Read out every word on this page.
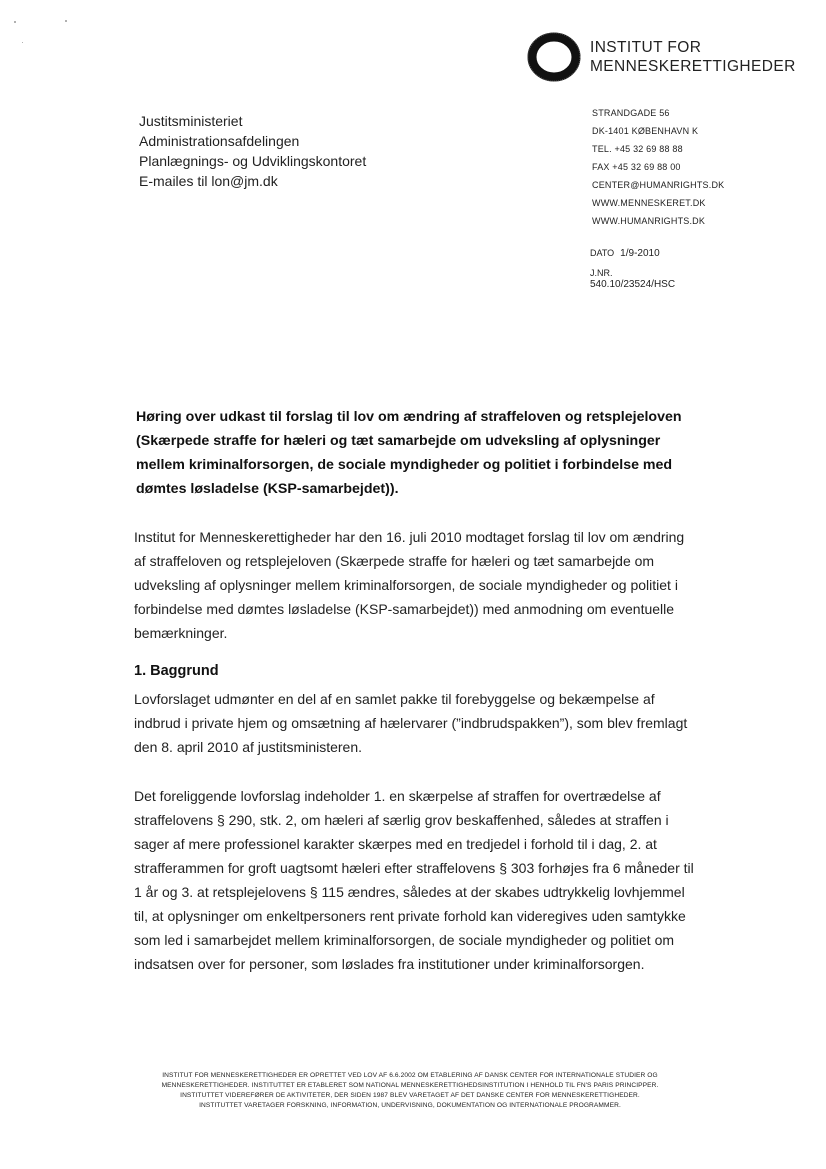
INSTITUT FOR
MENNESKERETTIGHEDER
Justitsministeriet
Administrationsafdelingen
Planlægnings- og Udviklingskontoret
E-mailes til lon@jm.dk
STRANDGADE 56
DK-1401 KØBENHAVN K
TEL. +45 32 69 88 88
FAX +45 32 69 88 00
CENTER@HUMANRIGHTS.DK
WWW.MENNESKERET.DK
WWW.HUMANRIGHTS.DK
DATO 1/9-2010
J.NR.
540.10/23524/HSC
Høring over udkast til forslag til lov om ændring af straffeloven og retsplejeloven (Skærpede straffe for hæleri og tæt samarbejde om udveksling af oplysninger mellem kriminalforsorgen, de sociale myndigheder og politiet i forbindelse med dømtes løsladelse (KSP-samarbejdet)).
Institut for Menneskerettigheder har den 16. juli 2010 modtaget forslag til lov om ændring af straffeloven og retsplejeloven (Skærpede straffe for hæleri og tæt samarbejde om udveksling af oplysninger mellem kriminalforsorgen, de sociale myndigheder og politiet i forbindelse med dømtes løsladelse (KSP-samarbejdet)) med anmodning om eventuelle bemærkninger.
1. Baggrund
Lovforslaget udmønter en del af en samlet pakke til forebyggelse og bekæmpelse af indbrud i private hjem og omsætning af hælervarer (”indbrudspakken”), som blev fremlagt den 8. april 2010 af justitsministeren.
Det foreliggende lovforslag indeholder 1. en skærpelse af straffen for overtrædelse af straffelovens § 290, stk. 2, om hæleri af særlig grov beskaffenhed, således at straffen i sager af mere professionel karakter skærpes med en tredjedel i forhold til i dag, 2. at strafferammen for groft uagtsomt hæleri efter straffelovens § 303 forhøjes fra 6 måneder til 1 år og 3. at retsplejelovens § 115 ændres, således at der skabes udtrykkelig lovhjemmel til, at oplysninger om enkeltpersoners rent private forhold kan videregives uden samtykke som led i samarbejdet mellem kriminalforsorgen, de sociale myndigheder og politiet om indsatsen over for personer, som løslades fra institutioner under kriminalforsorgen.
INSTITUT FOR MENNESKERETTIGHEDER ER OPRETTET VED LOV AF 6.6.2002 OM ETABLERING AF DANSK CENTER FOR INTERNATIONALE STUDIER OG
MENNESKERETTIGHEDER. INSTITUTTET ER ETABLERET SOM NATIONAL MENNESKERETTIGHEDSINSTITUTION I HENHOLD TIL FN'S PARIS PRINCIPPER.
INSTITUTTET VIDEREFØRER DE AKTIVITETER, DER SIDEN 1987 BLEV VARETAGET AF DET DANSKE CENTER FOR MENNESKERETTIGHEDER.
INSTITUTTET VARETAGER FORSKNING, INFORMATION, UNDERVISNING, DOKUMENTATION OG INTERNATIONALE PROGRAMMER.
